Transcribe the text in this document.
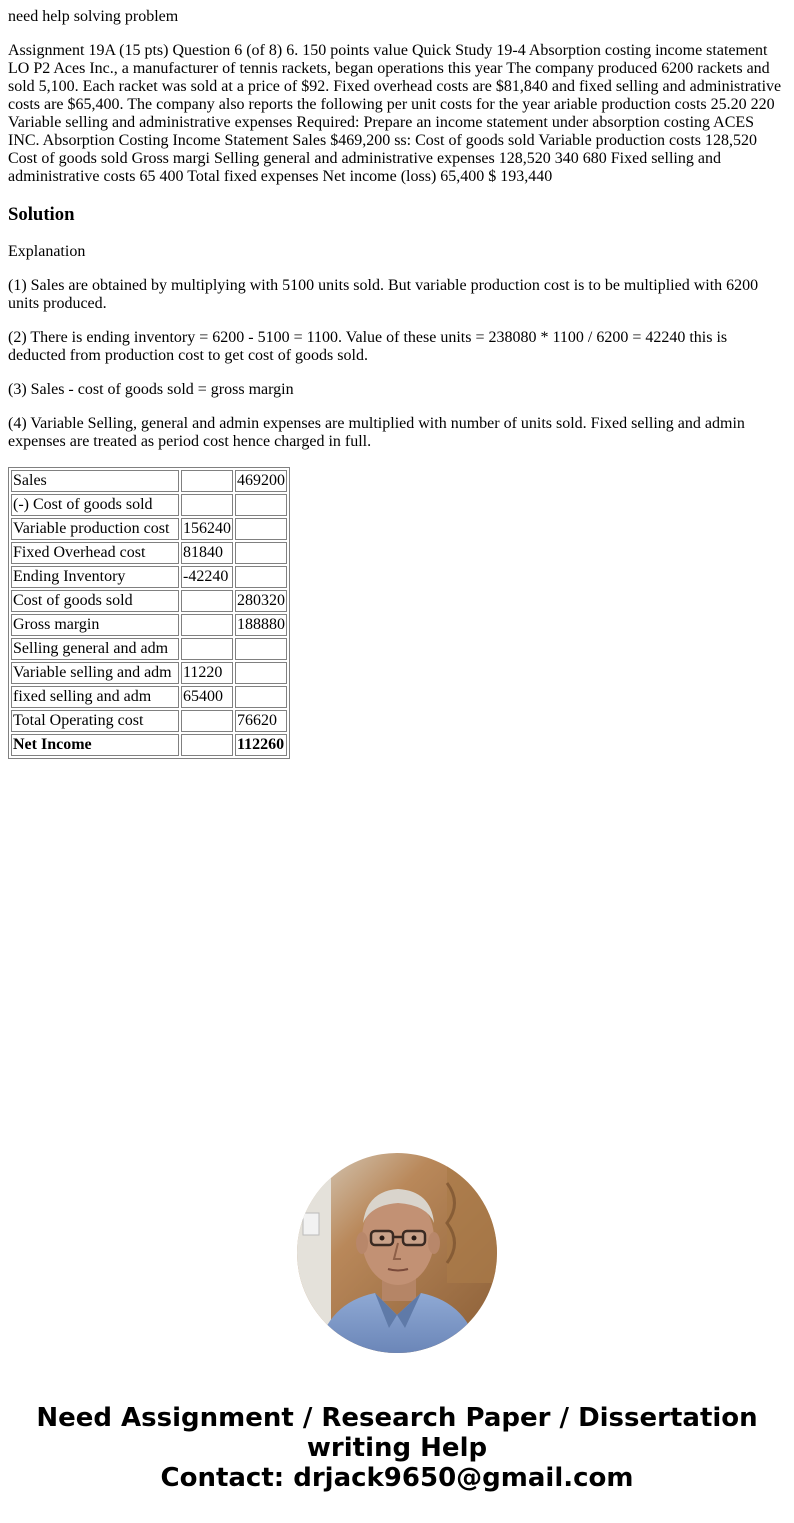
need help solving problem

Assignment 19A (15 pts) Question 6 (of 8) 6. 150 points value Quick Study 19-4 Absorption costing income statement LO P2 Aces Inc., a manufacturer of tennis rackets, began operations this year The company produced 6200 rackets and sold 5,100. Each racket was sold at a price of $92. Fixed overhead costs are $81,840 and fixed selling and administrative costs are $65,400. The company also reports the following per unit costs for the year ariable production costs 25.20 220 Variable selling and administrative expenses Required: Prepare an income statement under absorption costing ACES INC. Absorption Costing Income Statement Sales $469,200 ss: Cost of goods sold Variable production costs 128,520 Cost of goods sold Gross margi Selling general and administrative expenses 128,520 340 680 Fixed selling and administrative costs 65 400 Total fixed expenses Net income (loss) 65,400 $ 193,440

Solution

Explanation

(1) Sales are obtained by multiplying with 5100 units sold. But variable production cost is to be multiplied with 6200 units produced.

(2) There is ending inventory = 6200 - 5100 = 1100. Value of these units = 238080 * 1100 / 6200 = 42240 this is deducted from production cost to get cost of goods sold.

(3) Sales - cost of goods sold = gross margin

(4) Variable Selling, general and admin expenses are multiplied with number of units sold. Fixed selling and admin expenses are treated as period cost hence charged in full.

Sales		469200
(-) Cost of goods sold		
Variable production cost	156240	
Fixed Overhead cost	81840	
Ending Inventory	-42240	
Cost of goods sold		280320
Gross margin		188880
Selling general and adm		
Variable selling and adm	11220	
fixed selling and adm	65400	
Total Operating cost		76620
Net Income		112260
Need Assignment / Research Paper / Dissertation
writing Help
Contact: drjack9650@gmail.com
